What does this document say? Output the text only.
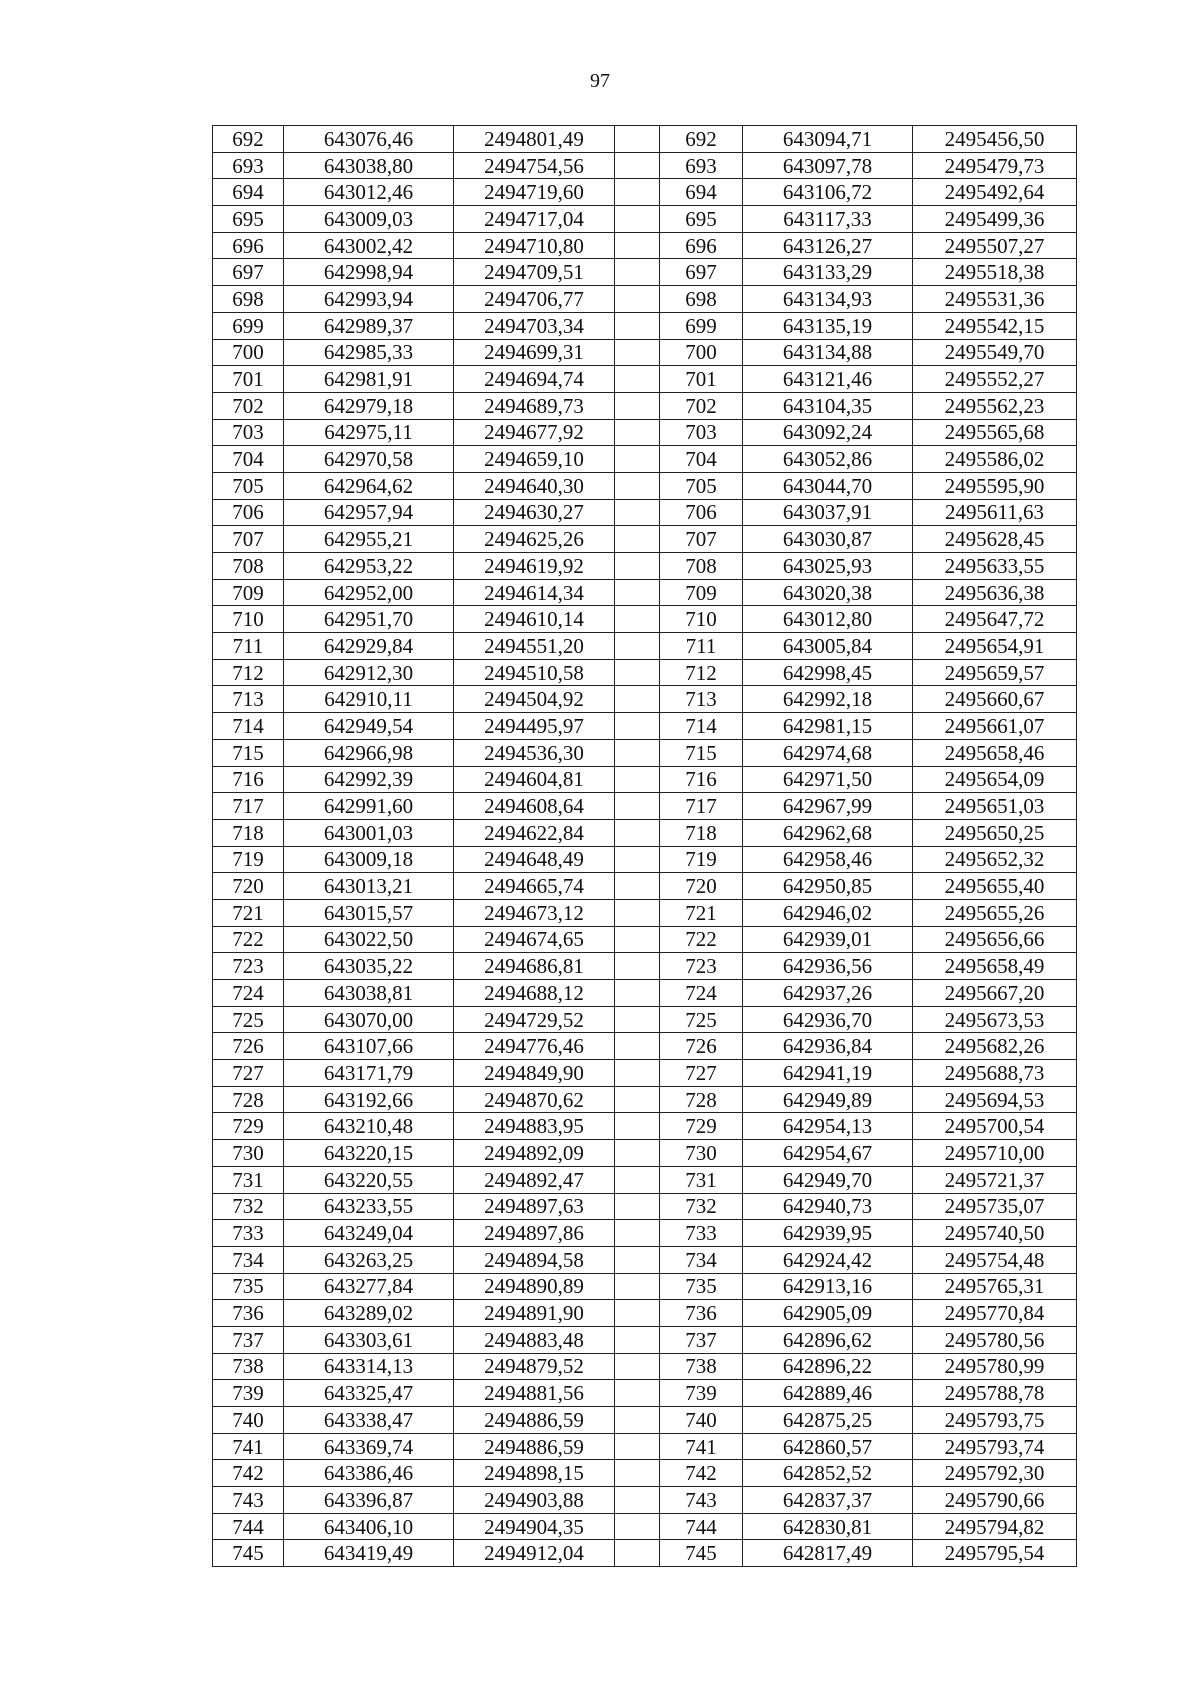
97
692	643076,46	2494801,49		692	643094,71	2495456,50
693	643038,80	2494754,56		693	643097,78	2495479,73
694	643012,46	2494719,60		694	643106,72	2495492,64
695	643009,03	2494717,04		695	643117,33	2495499,36
696	643002,42	2494710,80		696	643126,27	2495507,27
697	642998,94	2494709,51		697	643133,29	2495518,38
698	642993,94	2494706,77		698	643134,93	2495531,36
699	642989,37	2494703,34		699	643135,19	2495542,15
700	642985,33	2494699,31		700	643134,88	2495549,70
701	642981,91	2494694,74		701	643121,46	2495552,27
702	642979,18	2494689,73		702	643104,35	2495562,23
703	642975,11	2494677,92		703	643092,24	2495565,68
704	642970,58	2494659,10		704	643052,86	2495586,02
705	642964,62	2494640,30		705	643044,70	2495595,90
706	642957,94	2494630,27		706	643037,91	2495611,63
707	642955,21	2494625,26		707	643030,87	2495628,45
708	642953,22	2494619,92		708	643025,93	2495633,55
709	642952,00	2494614,34		709	643020,38	2495636,38
710	642951,70	2494610,14		710	643012,80	2495647,72
711	642929,84	2494551,20		711	643005,84	2495654,91
712	642912,30	2494510,58		712	642998,45	2495659,57
713	642910,11	2494504,92		713	642992,18	2495660,67
714	642949,54	2494495,97		714	642981,15	2495661,07
715	642966,98	2494536,30		715	642974,68	2495658,46
716	642992,39	2494604,81		716	642971,50	2495654,09
717	642991,60	2494608,64		717	642967,99	2495651,03
718	643001,03	2494622,84		718	642962,68	2495650,25
719	643009,18	2494648,49		719	642958,46	2495652,32
720	643013,21	2494665,74		720	642950,85	2495655,40
721	643015,57	2494673,12		721	642946,02	2495655,26
722	643022,50	2494674,65		722	642939,01	2495656,66
723	643035,22	2494686,81		723	642936,56	2495658,49
724	643038,81	2494688,12		724	642937,26	2495667,20
725	643070,00	2494729,52		725	642936,70	2495673,53
726	643107,66	2494776,46		726	642936,84	2495682,26
727	643171,79	2494849,90		727	642941,19	2495688,73
728	643192,66	2494870,62		728	642949,89	2495694,53
729	643210,48	2494883,95		729	642954,13	2495700,54
730	643220,15	2494892,09		730	642954,67	2495710,00
731	643220,55	2494892,47		731	642949,70	2495721,37
732	643233,55	2494897,63		732	642940,73	2495735,07
733	643249,04	2494897,86		733	642939,95	2495740,50
734	643263,25	2494894,58		734	642924,42	2495754,48
735	643277,84	2494890,89		735	642913,16	2495765,31
736	643289,02	2494891,90		736	642905,09	2495770,84
737	643303,61	2494883,48		737	642896,62	2495780,56
738	643314,13	2494879,52		738	642896,22	2495780,99
739	643325,47	2494881,56		739	642889,46	2495788,78
740	643338,47	2494886,59		740	642875,25	2495793,75
741	643369,74	2494886,59		741	642860,57	2495793,74
742	643386,46	2494898,15		742	642852,52	2495792,30
743	643396,87	2494903,88		743	642837,37	2495790,66
744	643406,10	2494904,35		744	642830,81	2495794,82
745	643419,49	2494912,04		745	642817,49	2495795,54
